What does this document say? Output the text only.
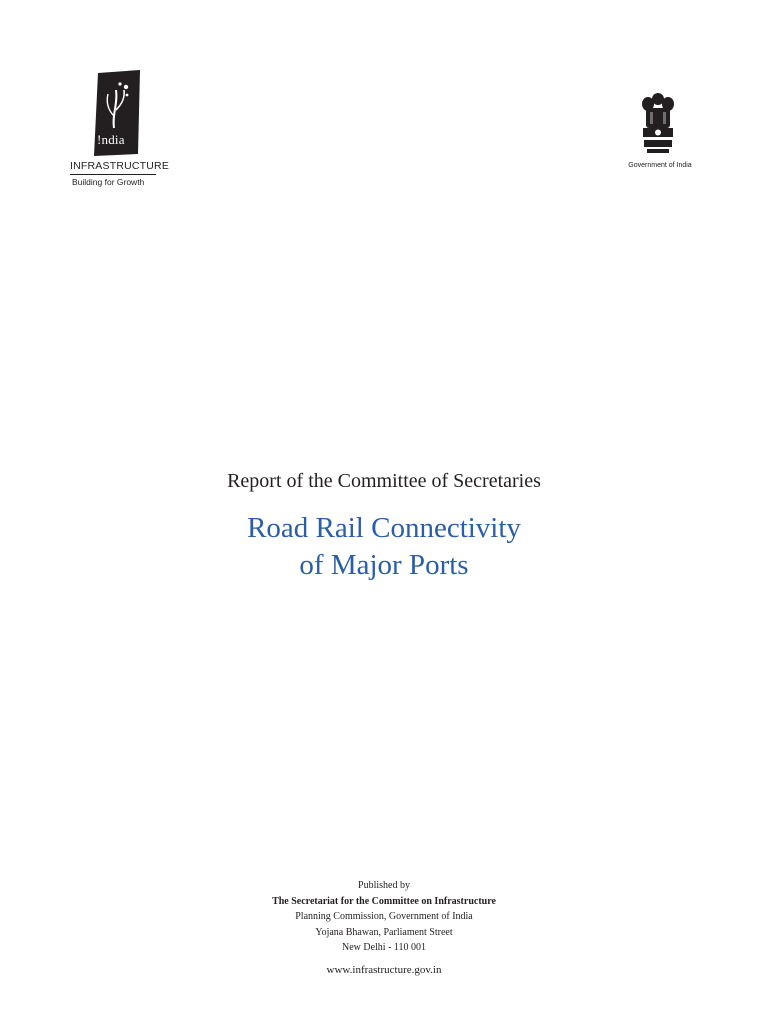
!ndia
INFRASTRUCTURE
Building for Growth
Government of India
Report of the Committee of Secretaries
Road Rail Connectivity
of Major Ports
Published by
The Secretariat for the Committee on Infrastructure
Planning Commission, Government of India
Yojana Bhawan, Parliament Street
New Delhi - 110 001
www.infrastructure.gov.in
